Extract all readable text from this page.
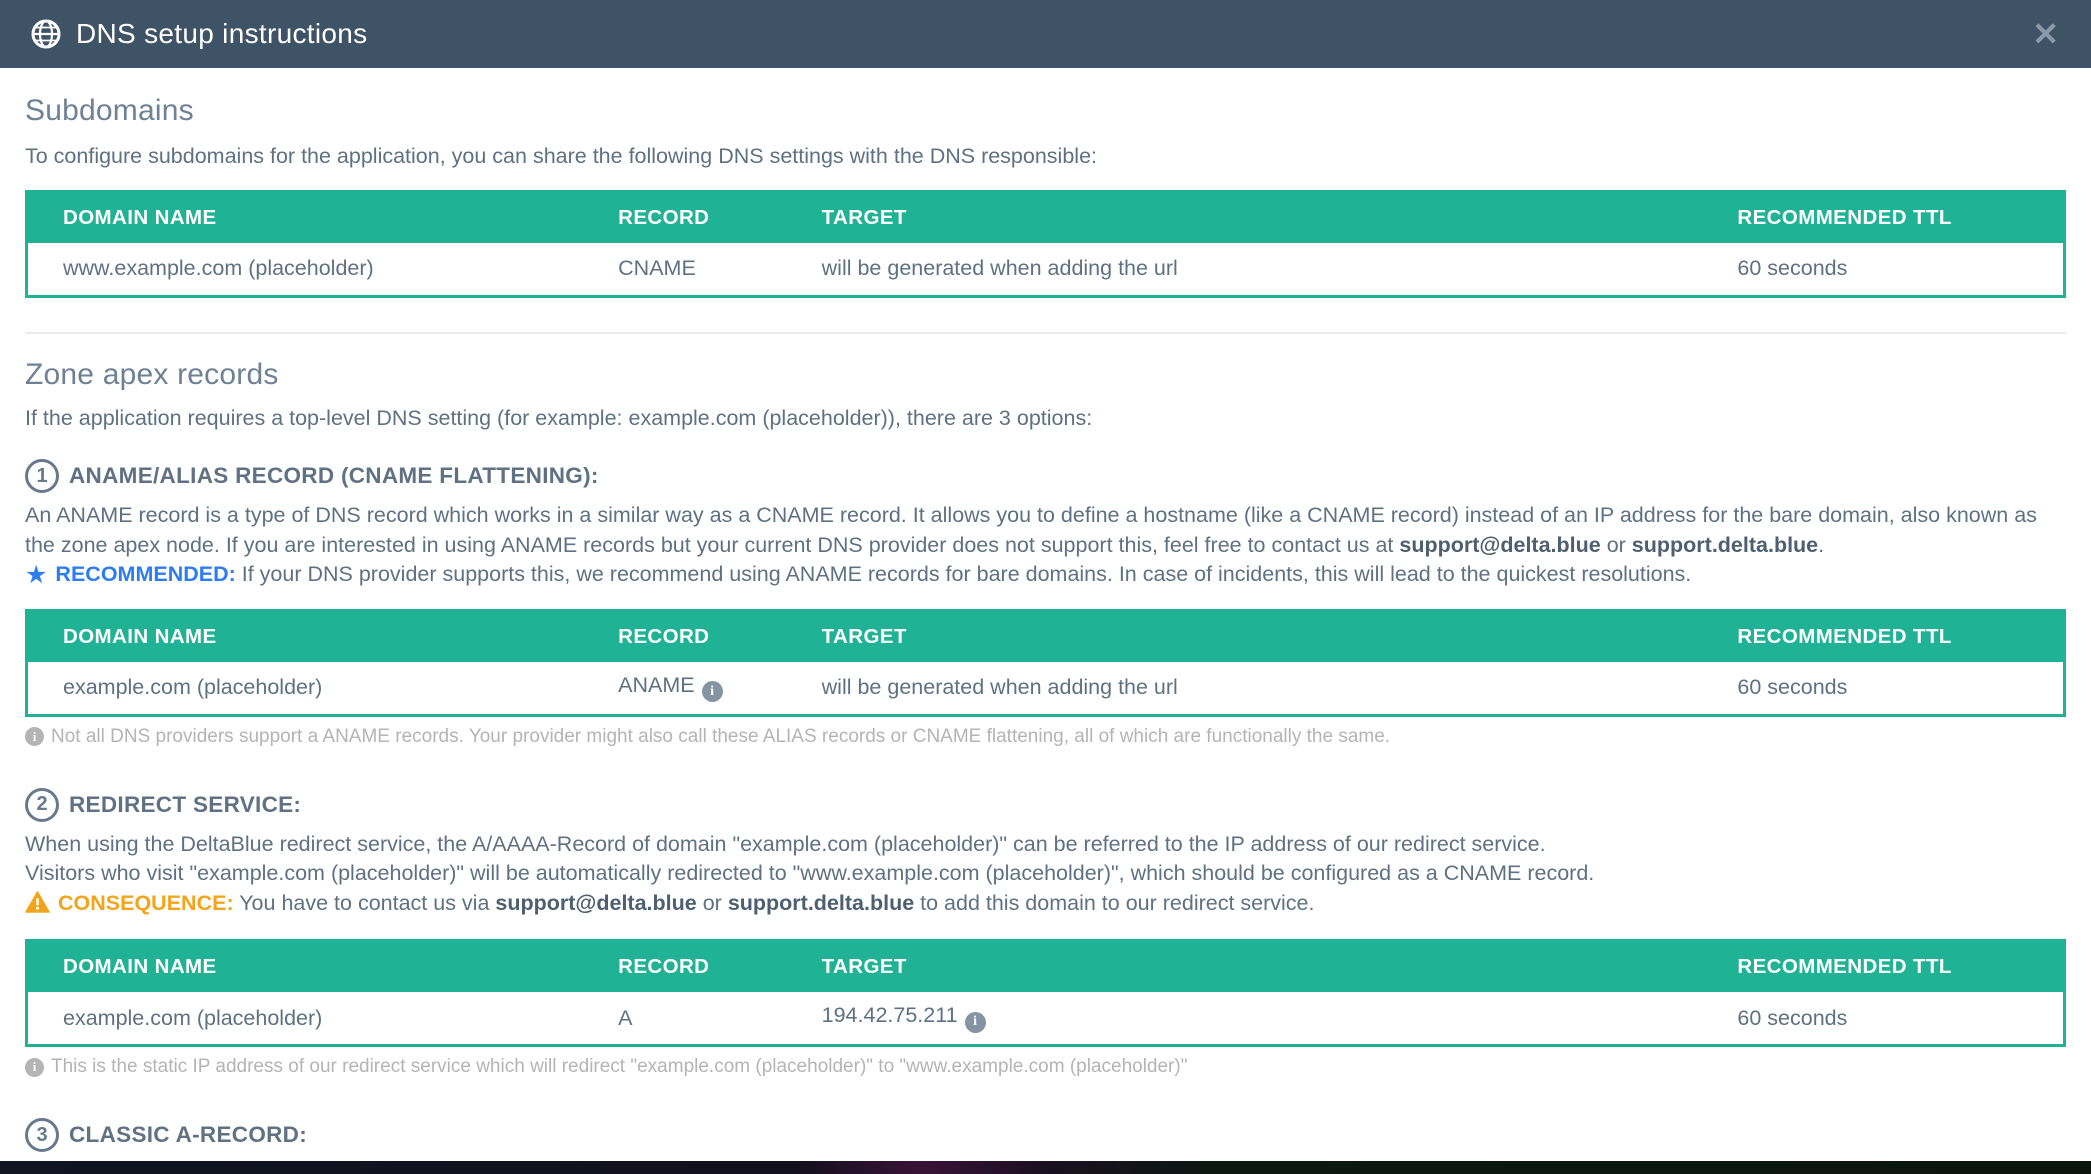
DNS setup instructions	✕
Subdomains

To configure subdomains for the application, you can share the following DNS settings with the DNS responsible:

DOMAIN NAME	RECORD	TARGET	RECOMMENDED TTL
www.example.com (placeholder)	CNAME	will be generated when adding the url	60 seconds
Zone apex records

If the application requires a top-level DNS setting (for example: example.com (placeholder)), there are 3 options:

1 ANAME/ALIAS RECORD (CNAME FLATTENING):

An ANAME record is a type of DNS record which works in a similar way as a CNAME record. It allows you to define a hostname (like a CNAME record) instead of an IP address for the bare domain, also known as the zone apex node. If you are interested in using ANAME records but your current DNS provider does not support this, feel free to contact us at support@delta.blue or support.delta.blue.

★ RECOMMENDED: If your DNS provider supports this, we recommend using ANAME records for bare domains. In case of incidents, this will lead to the quickest resolutions.

DOMAIN NAME	RECORD	TARGET	RECOMMENDED TTL
example.com (placeholder)	ANAME i	will be generated when adding the url	60 seconds
i Not all DNS providers support a ANAME records. Your provider might also call these ALIAS records or CNAME flattening, all of which are functionally the same.
2 REDIRECT SERVICE:

When using the DeltaBlue redirect service, the A/AAAA-Record of domain "example.com (placeholder)" can be referred to the IP address of our redirect service.
Visitors who visit "example.com (placeholder)" will be automatically redirected to "www.example.com (placeholder)", which should be configured as a CNAME record.

CONSEQUENCE: You have to contact us via support@delta.blue or support.delta.blue to add this domain to our redirect service.

DOMAIN NAME	RECORD	TARGET	RECOMMENDED TTL
example.com (placeholder)	A	194.42.75.211 i	60 seconds
i This is the static IP address of our redirect service which will redirect "example.com (placeholder)" to "www.example.com (placeholder)"
3 CLASSIC A-RECORD:
